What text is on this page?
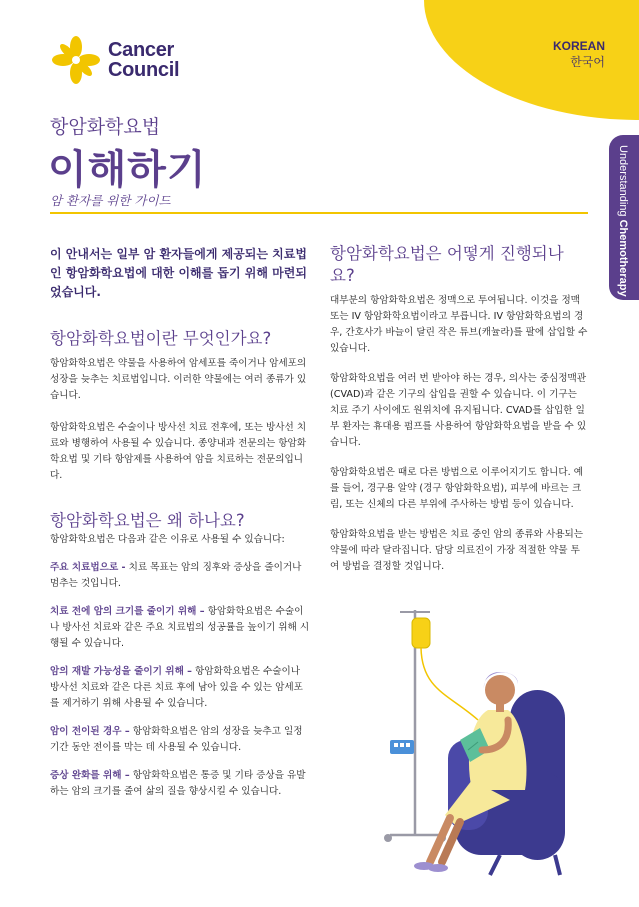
KOREAN
한국어
Cancer
Council
Understanding Chemotherapy
항암화학요법
이해하기
암 환자를 위한 가이드
이 안내서는 일부 암 환자들에게 제공되는 치료법인 항암화학요법에 대한 이해를 돕기 위해 마련되었습니다.
항암화학요법이란 무엇인가요?

항암화학요법은 약물을 사용하여 암세포를 죽이거나 암세포의 성장을 늦추는 치료법입니다. 이러한 약물에는 여러 종류가 있습니다.

항암화학요법은 수술이나 방사선 치료 전후에, 또는 방사선 치료와 병행하여 사용될 수 있습니다. 종양내과 전문의는 항암화학요법 및 기타 항암제를 사용하여 암을 치료하는 전문의입니다.

항암화학요법은 왜 하나요?

항암화학요법은 다음과 같은 이유로 사용될 수 있습니다:

주요 치료법으로 - 치료 목표는 암의 징후와 증상을 줄이거나 멈추는 것입니다.

치료 전에 암의 크기를 줄이기 위해 – 항암화학요법은 수술이나 방사선 치료와 같은 주요 치료법의 성공률을 높이기 위해 시행될 수 있습니다.

암의 재발 가능성을 줄이기 위해 – 항암화학요법은 수술이나 방사선 치료와 같은 다른 치료 후에 남아 있을 수 있는 암세포를 제거하기 위해 사용될 수 있습니다.

암이 전이된 경우 – 항암화학요법은 암의 성장을 늦추고 일정 기간 동안 전이를 막는 데 사용될 수 있습니다.

증상 완화를 위해 – 항암화학요법은 통증 및 기타 증상을 유발하는 암의 크기를 줄여 삶의 질을 향상시킬 수 있습니다.

항암화학요법은 어떻게 진행되나요?

대부분의 항암화학요법은 정맥으로 투여됩니다. 이것을 정맥 또는 IV 항암화학요법이라고 부릅니다. IV 항암화학요법의 경우, 간호사가 바늘이 달린 작은 튜브(캐뉼라)를 팔에 삽입할 수 있습니다.

항암화학요법을 여러 번 받아야 하는 경우, 의사는 중심정맥관 (CVAD)과 같은 기구의 삽입을 권할 수 있습니다. 이 기구는 치료 주기 사이에도 원위치에 유지됩니다. CVAD를 삽입한 일부 환자는 휴대용 펌프를 사용하여 항암화학요법을 받을 수 있습니다.

항암화학요법은 때로 다른 방법으로 이루어지기도 합니다. 예를 들어, 경구용 알약 (경구 항암화학요법), 피부에 바르는 크림, 또는 신체의 다른 부위에 주사하는 방법 등이 있습니다.

항암화학요법을 받는 방법은 치료 중인 암의 종류와 사용되는 약물에 따라 달라집니다. 담당 의료진이 가장 적절한 약물 투여 방법을 결정할 것입니다.
